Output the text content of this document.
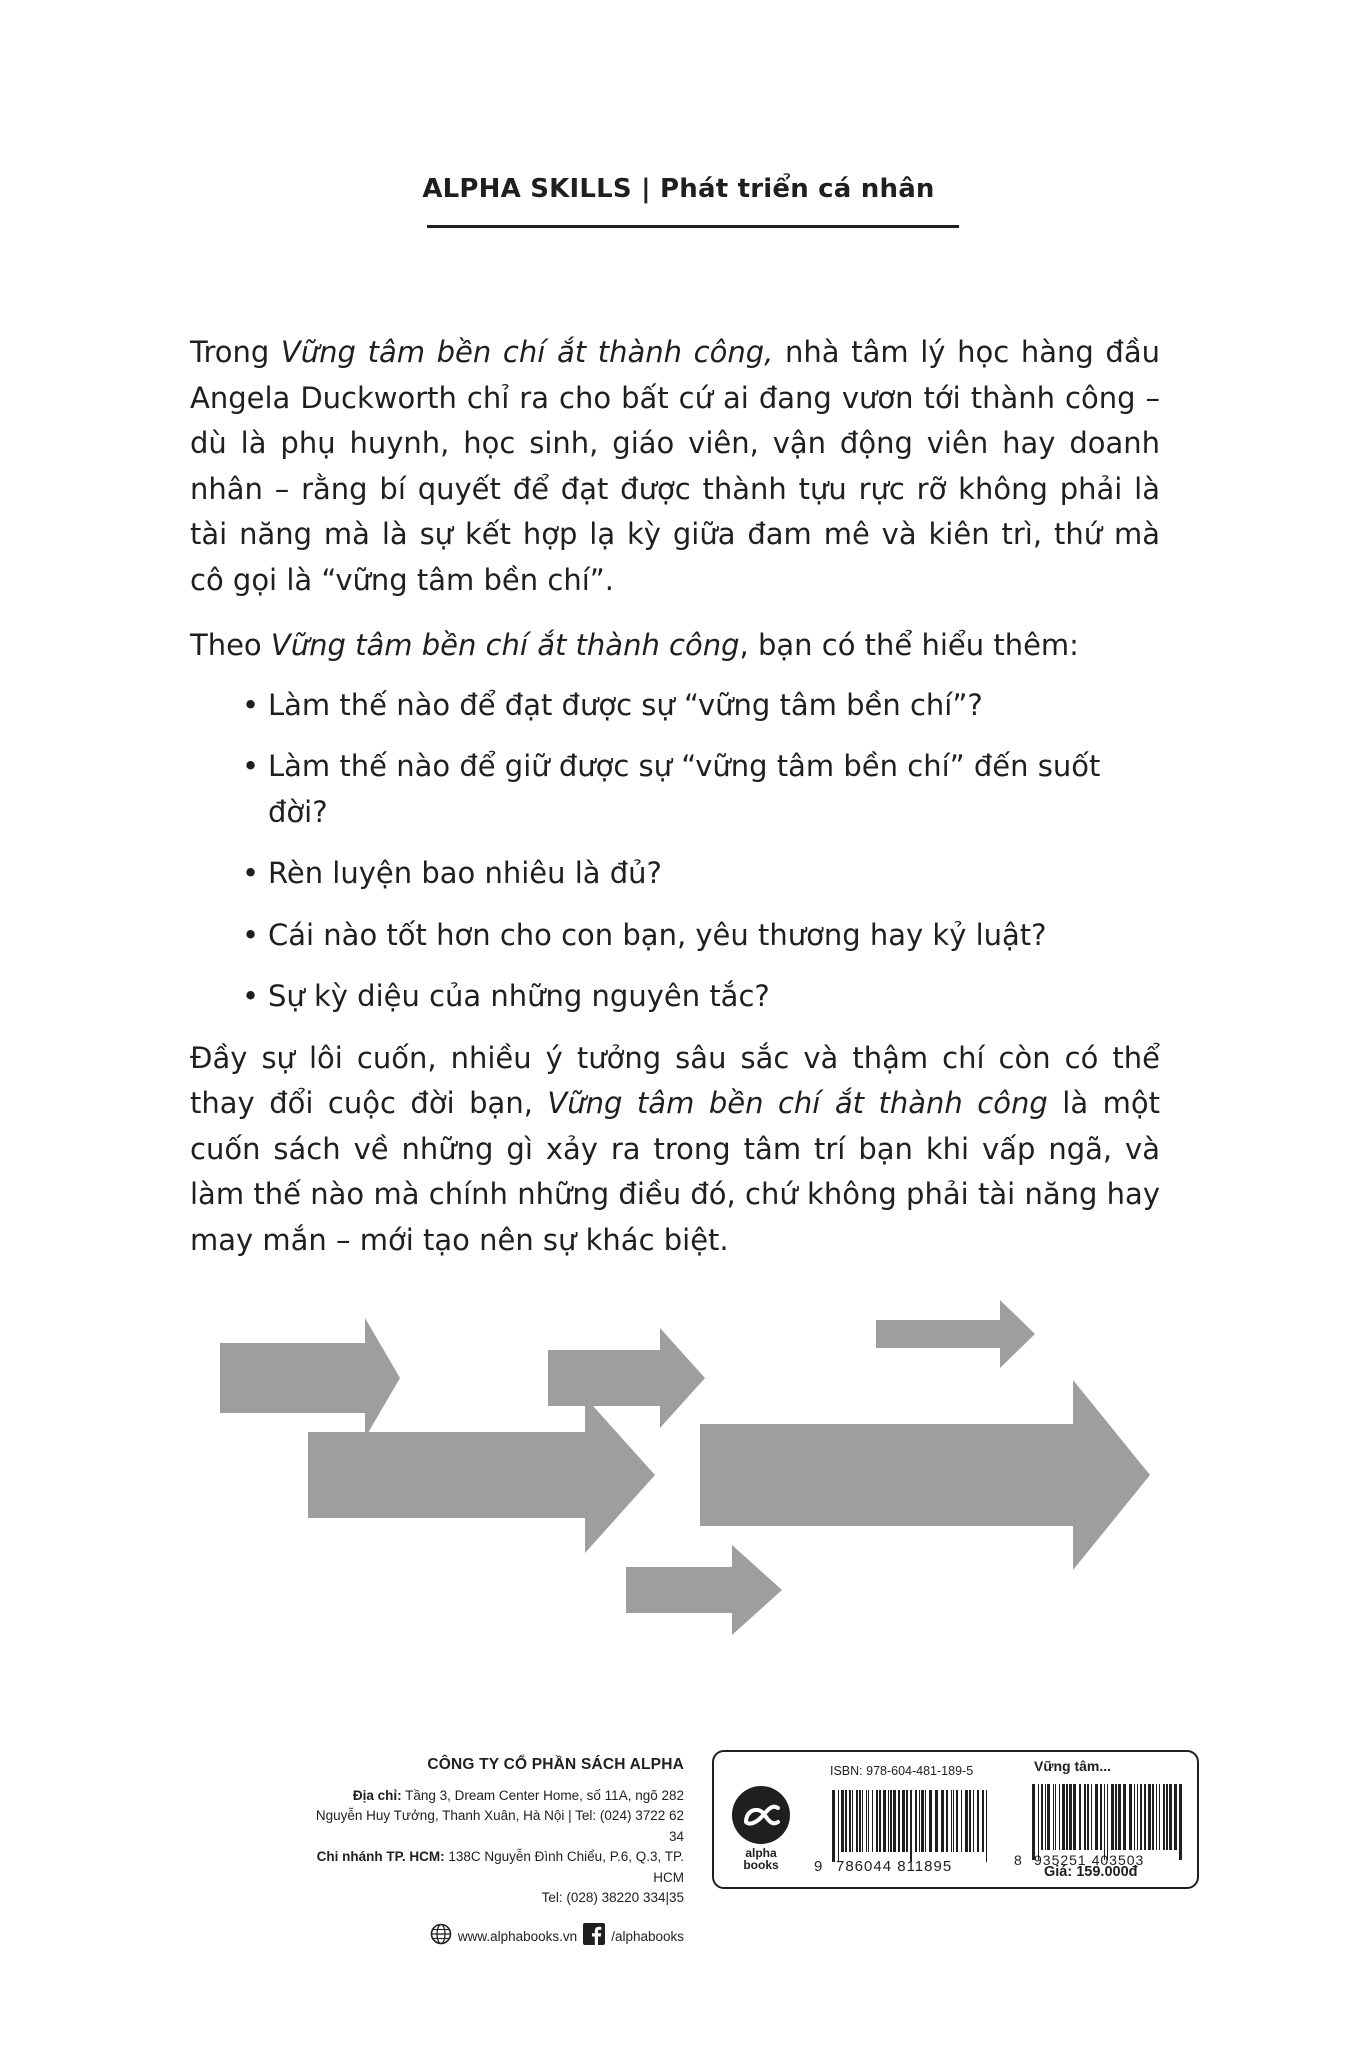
ALPHA SKILLS | Phát triển cá nhân

Trong Vững tâm bền chí ắt thành công, nhà tâm lý học hàng đầu Angela Duckworth chỉ ra cho bất cứ ai đang vươn tới thành công – dù là phụ huynh, học sinh, giáo viên, vận động viên hay doanh nhân – rằng bí quyết để đạt được thành tựu rực rỡ không phải là tài năng mà là sự kết hợp lạ kỳ giữa đam mê và kiên trì, thứ mà cô gọi là “vững tâm bền chí”.

Theo Vững tâm bền chí ắt thành công, bạn có thể hiểu thêm:

• Làm thế nào để đạt được sự “vững tâm bền chí”?
• Làm thế nào để giữ được sự “vững tâm bền chí” đến suốt đời?
• Rèn luyện bao nhiêu là đủ?
• Cái nào tốt hơn cho con bạn, yêu thương hay kỷ luật?
• Sự kỳ diệu của những nguyên tắc?

Đầy sự lôi cuốn, nhiều ý tưởng sâu sắc và thậm chí còn có thể thay đổi cuộc đời bạn, Vững tâm bền chí ắt thành công là một cuốn sách về những gì xảy ra trong tâm trí bạn khi vấp ngã, và làm thế nào mà chính những điều đó, chứ không phải tài năng hay may mắn – mới tạo nên sự khác biệt.

CÔNG TY CỔ PHẦN SÁCH ALPHA
Địa chỉ: Tầng 3, Dream Center Home, số 11A, ngõ 282
Nguyễn Huy Tưởng, Thanh Xuân, Hà Nội | Tel: (024) 3722 62 34
Chi nhánh TP. HCM: 138C Nguyễn Đình Chiểu, P.6, Q.3, TP. HCM
Tel: (028) 38220 334|35
www.alphabooks.vn	/alphabooks
alpha
books
ISBN: 978-604-481-189-5	Vững tâm...
9 786044 811895	8 935251 403503
Giá: 159.000đ
